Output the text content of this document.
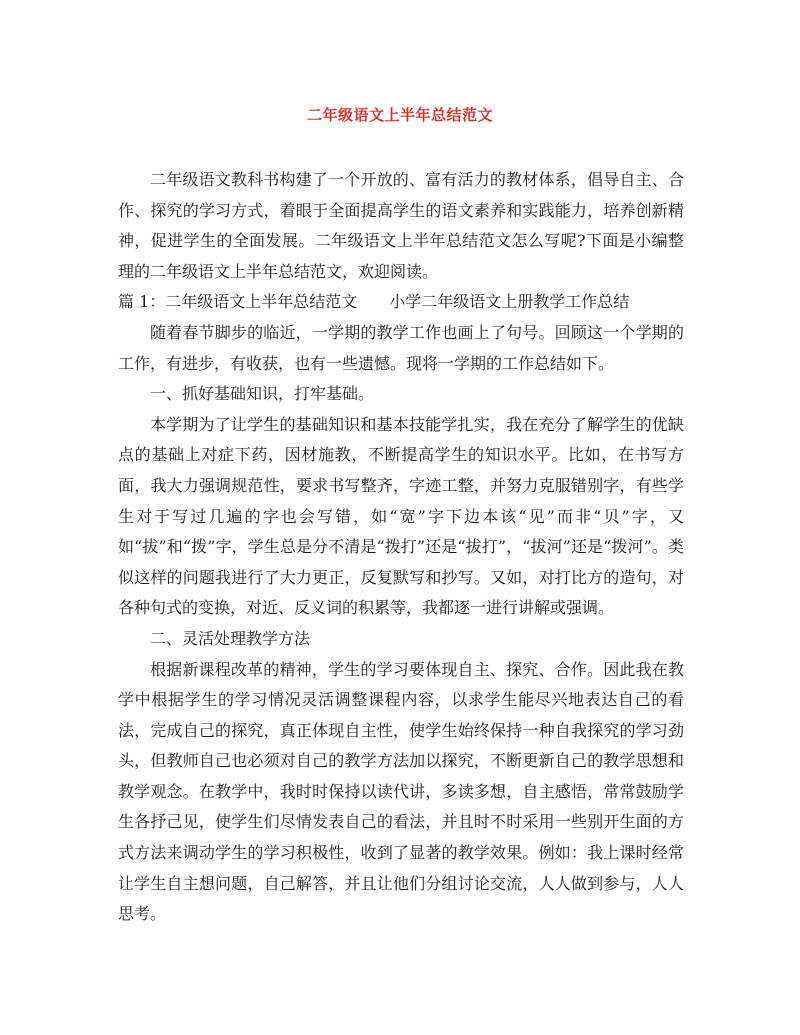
二年级语文上半年总结范文

二年级语文教科书构建了一个开放的、富有活力的教材体系，倡导自主、合作、探究的学习方式，着眼于全面提高学生的语文素养和实践能力，培养创新精神，促进学生的全面发展。二年级语文上半年总结范文怎么写呢?下面是小编整理的二年级语文上半年总结范文，欢迎阅读。

篇 1：二年级语文上半年总结范文 小学二年级语文上册教学工作总结

随着春节脚步的临近，一学期的教学工作也画上了句号。回顾这一个学期的工作，有进步，有收获，也有一些遗憾。现将一学期的工作总结如下。

一、抓好基础知识，打牢基础。

本学期为了让学生的基础知识和基本技能学扎实，我在充分了解学生的优缺点的基础上对症下药，因材施教，不断提高学生的知识水平。比如，在书写方面，我大力强调规范性，要求书写整齐，字迹工整，并努力克服错别字，有些学生对于写过几遍的字也会写错，如“宽”字下边本该“见”而非“贝”字，又如“拔”和“拨”字，学生总是分不清是“拨打”还是“拔打”，“拔河”还是“拨河”。类似这样的问题我进行了大力更正，反复默写和抄写。又如，对打比方的造句，对各种句式的变换，对近、反义词的积累等，我都逐一进行讲解或强调。

二、灵活处理教学方法

根据新课程改革的精神，学生的学习要体现自主、探究、合作。因此我在教学中根据学生的学习情况灵活调整课程内容，以求学生能尽兴地表达自己的看法，完成自己的探究，真正体现自主性，使学生始终保持一种自我探究的学习劲头，但教师自己也必须对自己的教学方法加以探究，不断更新自己的教学思想和教学观念。在教学中，我时时保持以读代讲，多读多想，自主感悟，常常鼓励学生各抒己见，使学生们尽情发表自己的看法，并且时不时采用一些别开生面的方式方法来调动学生的学习积极性，收到了显著的教学效果。例如：我上课时经常让学生自主想问题，自己解答，并且让他们分组讨论交流，人人做到参与，人人思考。
